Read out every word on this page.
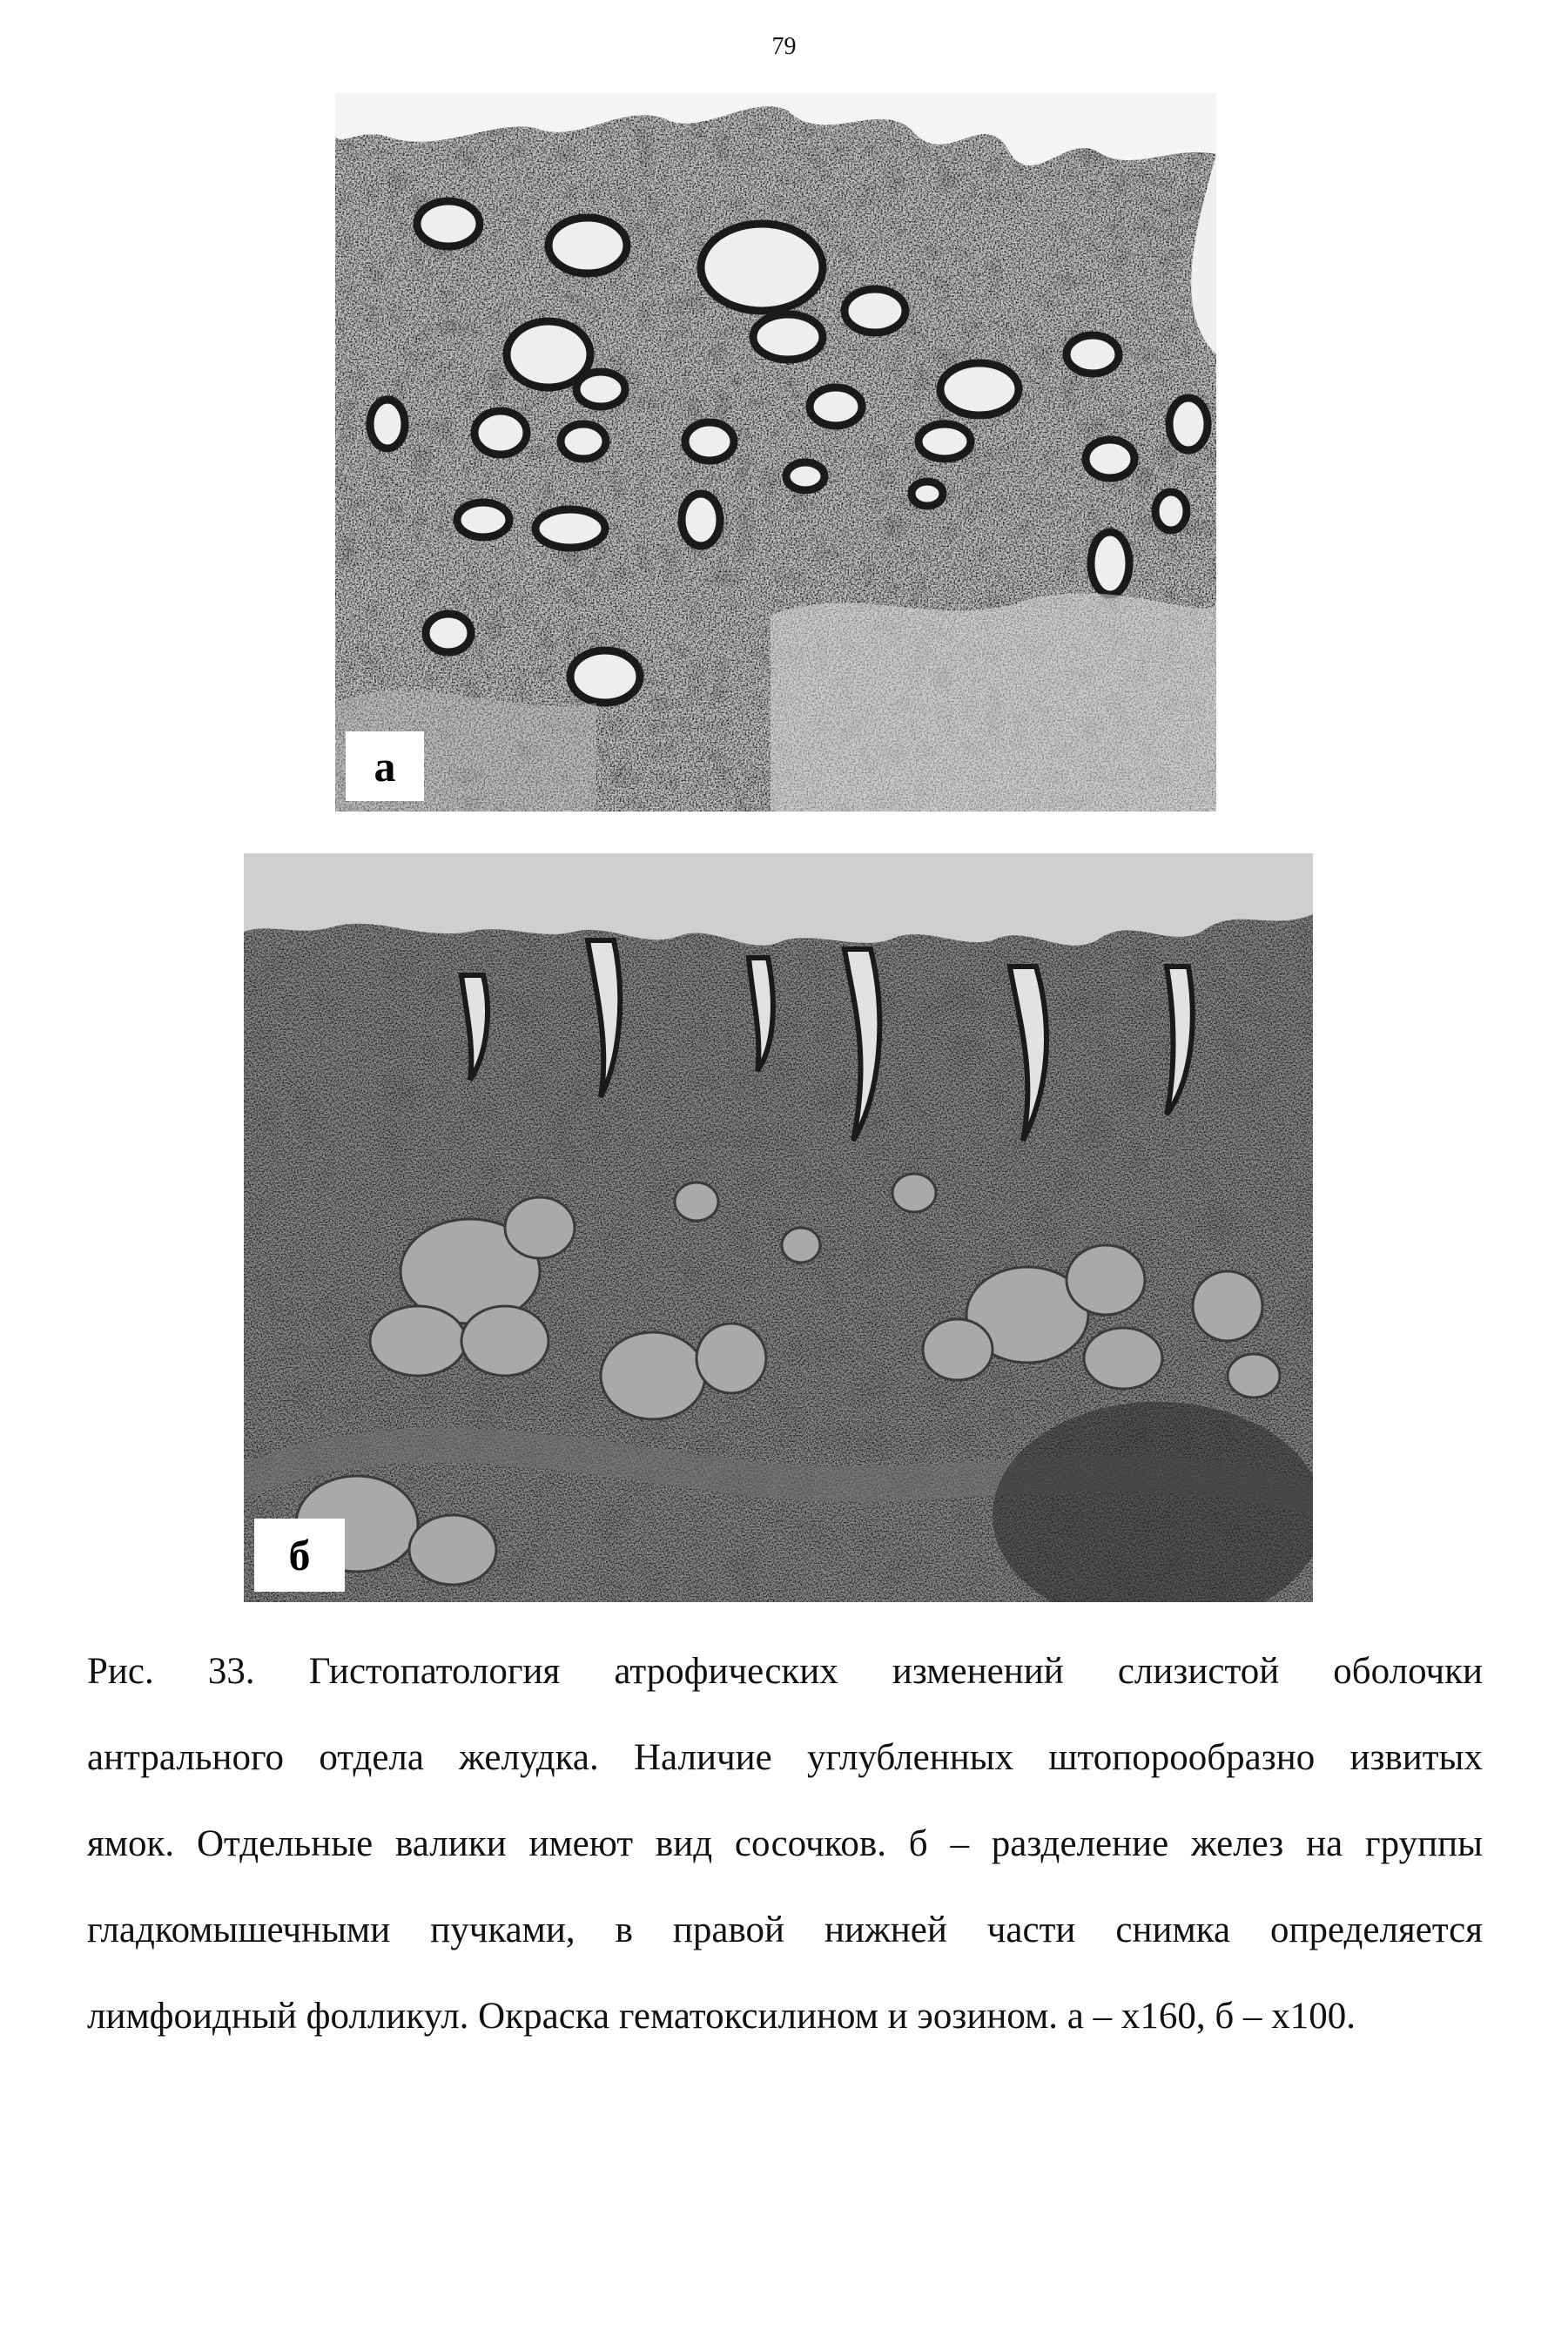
79
а
б
Рис. 33. Гистопатология атрофических изменений слизистой оболочки
антрального отдела желудка. Наличие углубленных штопорообразно извитых
ямок. Отдельные валики имеют вид сосочков. б – разделение желез на группы
гладкомышечными пучками, в правой нижней части снимка определяется
лимфоидный фолликул. Окраска гематоксилином и эозином. а – х160, б – х100.
